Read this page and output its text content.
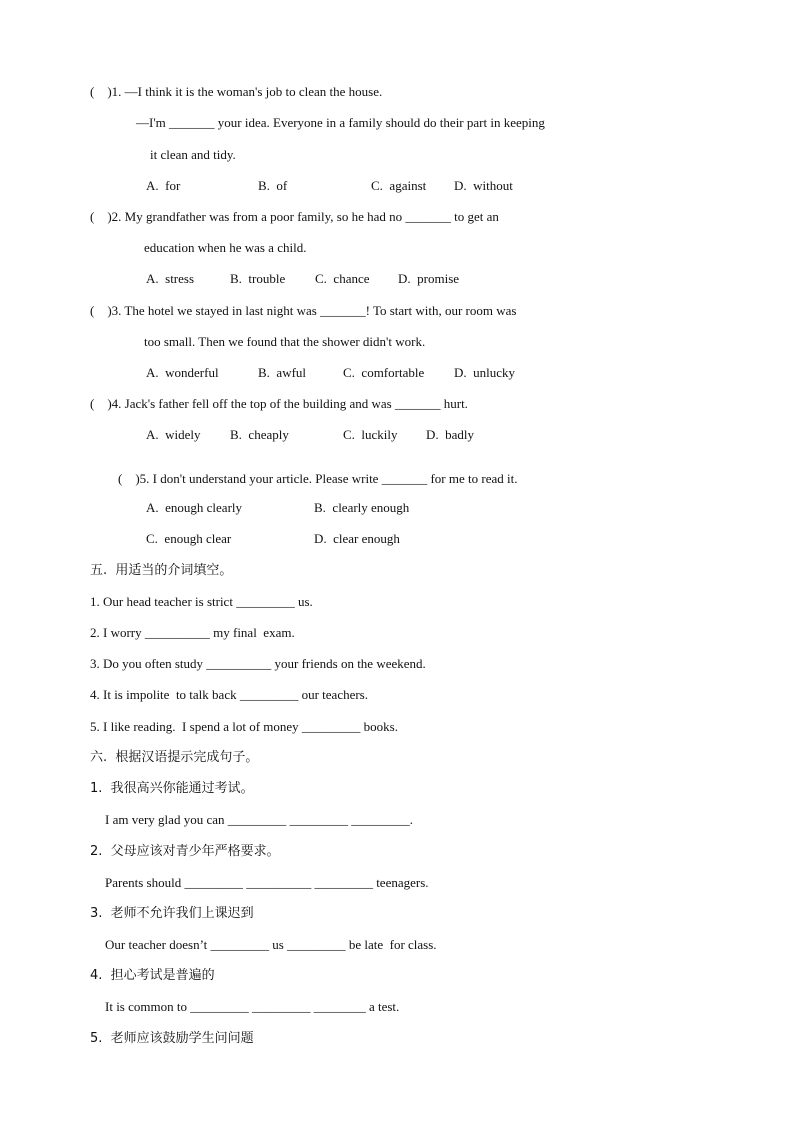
(    )1. —I think it is the woman's job to clean the house.
—I'm _______ your idea. Everyone in a family should do their part in keeping
it clean and tidy.
A.  for	B.  of	C.  against D.  without
(    )2. My grandfather was from a poor family, so he had no _______ to get an
education when he was a child.
A.  stress	B.  trouble C.  chance D.  promise
(    )3. The hotel we stayed in last night was _______! To start with, our room was
too small. Then we found that the shower didn't work.
A.  wonderful	B.  awful	C.  comfortable D.  unlucky
(    )4. Jack's father fell off the top of the building and was _______ hurt.
A.  widely B.  cheaply	C.  luckily D.  badly
(    )5. I don't understand your article. Please write _______ for me to read it.
A.  enough clearly	B.  clearly enough
C.  enough clear	D.  clear enough
五.  用适当的介词填空。
1. Our head teacher is strict _________ us.
2. I worry __________ my final  exam.
3. Do you often study __________ your friends on the weekend.
4. It is impolite  to talk back _________ our teachers.
5. I like reading.  I spend a lot of money _________ books.
六.  根据汉语提示完成句子。
1.  我很高兴你能通过考试。
I am very glad you can _________ _________ _________.
2.  父母应该对青少年严格要求。
Parents should _________ __________ _________ teenagers.
3.  老师不允许我们上课迟到
Our teacher doesn’t _________ us _________ be late  for class.
4.  担心考试是普遍的
It is common to _________ _________ ________ a test.
5.  老师应该鼓励学生问问题
